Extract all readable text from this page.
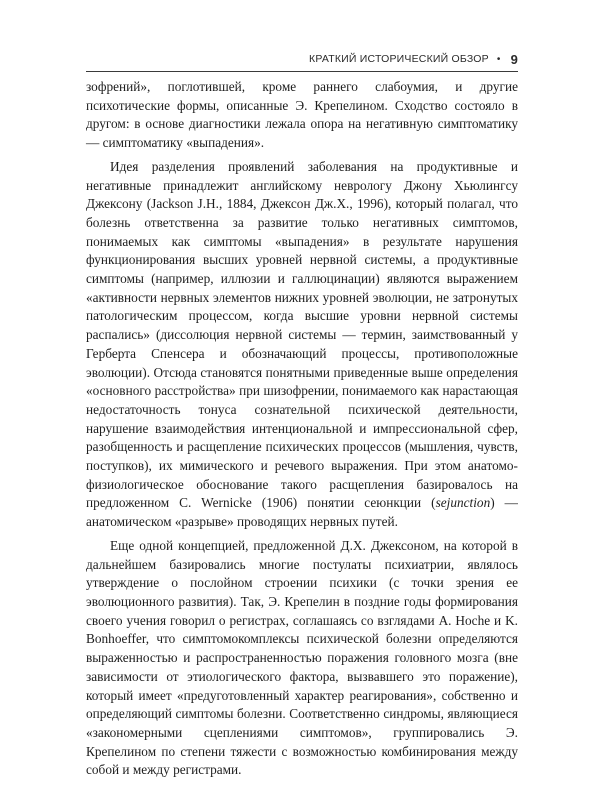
КРАТКИЙ ИСТОРИЧЕСКИЙ ОБЗОР • 9

зофрений», поглотившей, кроме раннего слабоумия, и другие психотические формы, описанные Э. Крепелином. Сходство состояло в другом: в основе диагностики лежала опора на негативную симптоматику — симптоматику «выпадения».

Идея разделения проявлений заболевания на продуктивные и негативные принадлежит английскому неврологу Джону Хьюлингсу Джексону (Jackson J.H., 1884, Джексон Дж.Х., 1996), который полагал, что болезнь ответственна за развитие только негативных симптомов, понимаемых как симптомы «выпадения» в результате нарушения функционирования высших уровней нервной системы, а продуктивные симптомы (например, иллюзии и галлюцинации) являются выражением «активности нервных элементов нижних уровней эволюции, не затронутых патологическим процессом, когда высшие уровни нервной системы распались» (диссолюция нервной системы — термин, заимствованный у Герберта Спенсера и обозначающий процессы, противоположные эволюции). Отсюда становятся понятными приведенные выше определения «основного расстройства» при шизофрении, понимаемого как нарастающая недостаточность тонуса сознательной психической деятельности, нарушение взаимодействия интенциональной и импрессиональной сфер, разобщенность и расщепление психических процессов (мышления, чувств, поступков), их мимического и речевого выражения. При этом анатомо-физиологическое обоснование такого расщепления базировалось на предложенном C. Wernicke (1906) понятии сеюнкции (sejunction) — анатомическом «разрыве» проводящих нервных путей.

Еще одной концепцией, предложенной Д.Х. Джексоном, на которой в дальнейшем базировались многие постулаты психиатрии, являлось утверждение о послойном строении психики (с точки зрения ее эволюционного развития). Так, Э. Крепелин в поздние годы формирования своего учения говорил о регистрах, соглашаясь со взглядами A. Hoche и K. Bonhoeffer, что симптомокомплексы психической болезни определяются выраженностью и распространенностью поражения головного мозга (вне зависимости от этиологического фактора, вызвавшего это поражение), который имеет «предуготовленный характер реагирования», собственно и определяющий симптомы болезни. Соответственно синдромы, являющиеся «закономерными сцеплениями симптомов», группировались Э. Крепелином по степени тяжести с возможностью комбинирования между собой и между регистрами.
